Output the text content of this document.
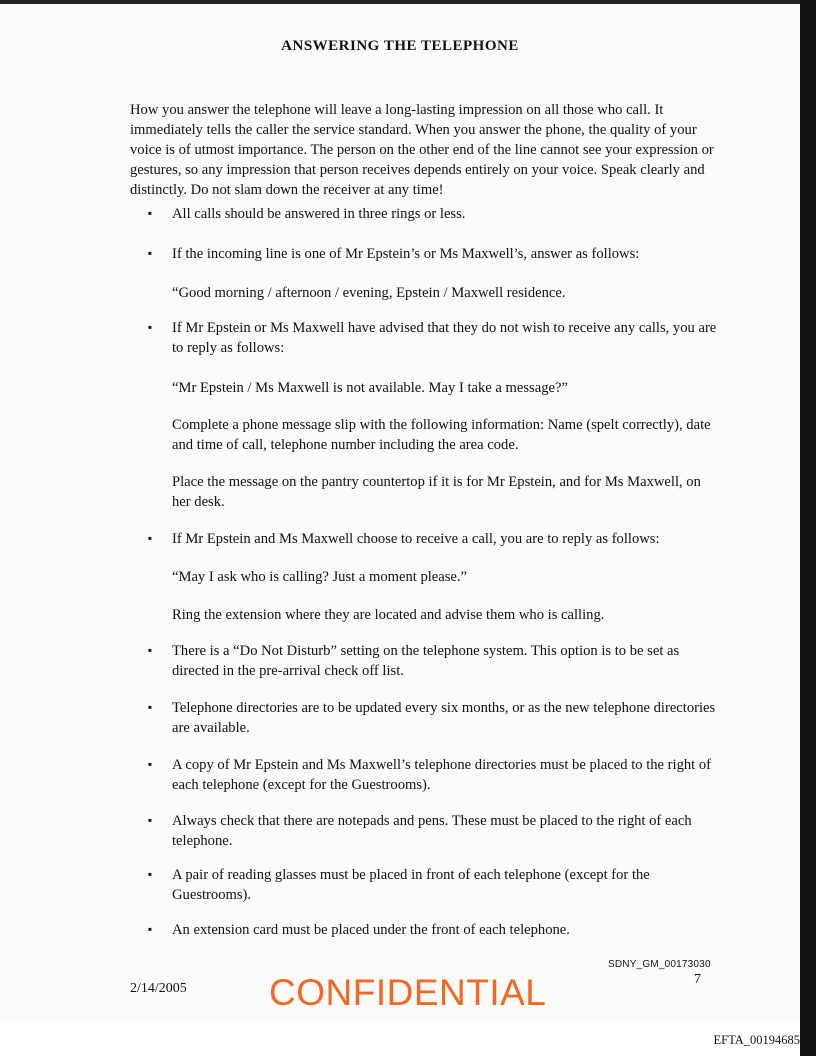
ANSWERING THE TELEPHONE

How you answer the telephone will leave a long-lasting impression on all those who call. It immediately tells the caller the service standard. When you answer the phone, the quality of your voice is of utmost importance. The person on the other end of the line cannot see your expression or gestures, so any impression that person receives depends entirely on your voice. Speak clearly and distinctly. Do not slam down the receiver at any time!

▪ All calls should be answered in three rings or less.

▪ If the incoming line is one of Mr Epstein’s or Ms Maxwell’s, answer as follows:

“Good morning / afternoon / evening, Epstein / Maxwell residence.

▪ If Mr Epstein or Ms Maxwell have advised that they do not wish to receive any calls, you are to reply as follows:

“Mr Epstein / Ms Maxwell is not available. May I take a message?”

Complete a phone message slip with the following information: Name (spelt correctly), date and time of call, telephone number including the area code.

Place the message on the pantry countertop if it is for Mr Epstein, and for Ms Maxwell, on her desk.

▪ If Mr Epstein and Ms Maxwell choose to receive a call, you are to reply as follows:

“May I ask who is calling? Just a moment please.”

Ring the extension where they are located and advise them who is calling.

▪ There is a “Do Not Disturb” setting on the telephone system. This option is to be set as directed in the pre-arrival check off list.

▪ Telephone directories are to be updated every six months, or as the new telephone directories are available.

▪ A copy of Mr Epstein and Ms Maxwell’s telephone directories must be placed to the right of each telephone (except for the Guestrooms).

▪ Always check that there are notepads and pens. These must be placed to the right of each telephone.

▪ A pair of reading glasses must be placed in front of each telephone (except for the Guestrooms).

▪ An extension card must be placed under the front of each telephone.

2/14/2005
SDNY_GM_00173030
7
CONFIDENTIAL
EFTA_00194685
